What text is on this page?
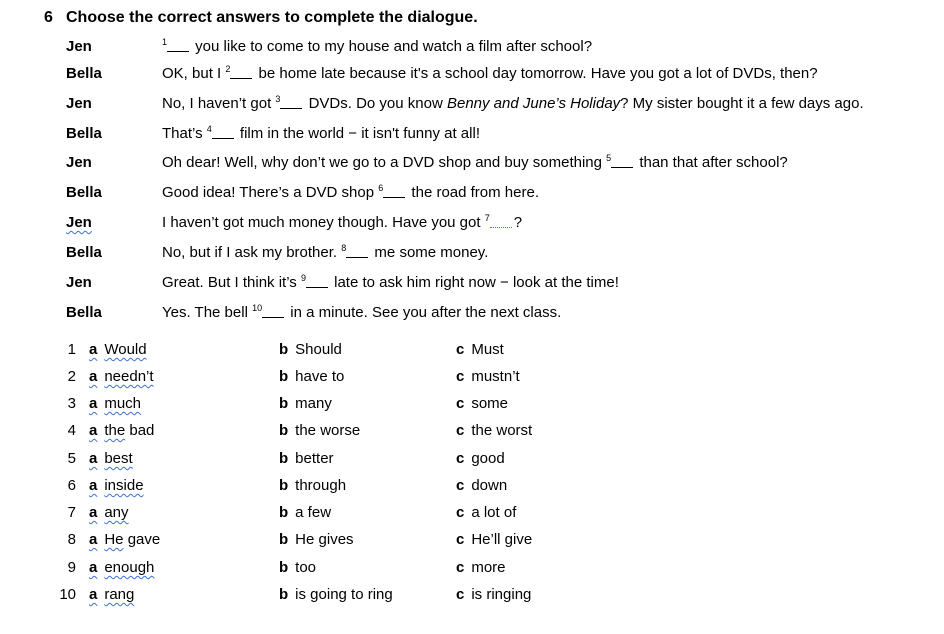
6 Choose the correct answers to complete the dialogue.
Jen	$^1$ you like to come to my house and watch a film after school?
Bella	OK, but I $^2$ be home late because it's a school day tomorrow. Have you got a lot of DVDs, then?
Jen	No, I haven’t got $^3$ DVDs. Do you know Benny and June’s Holiday? My sister bought it a few days ago.
Bella	That’s $^4$ film in the world − it isn't funny at all!
Jen	Oh dear! Well, why don’t we go to a DVD shop and buy something $^5$ than that after school?
Bella	Good idea! There’s a DVD shop $^6$ the road from here.
Jen	I haven’t got much money though. Have you got $^7$ ?
Bella	No, but if I ask my brother. $^8$ me some money.
Jen	Great. But I think it’s $^9$ late to ask him right now − look at the time!
Bella	Yes. The bell $^{10}$ in a minute. See you after the next class.
1 a Would	b Should	c Must
2 a needn’t	b have to	c mustn’t
3 a much	b many	c some
4 a the bad	b the worse	c the worst
5 a best	b better	c good
6 a inside	b through	c down
7 a any	b a few	c a lot of
8 a He gave	b He gives	c He’ll give
9 a enough	b too	c more
10 a rang	b is going to ring	c is ringing
